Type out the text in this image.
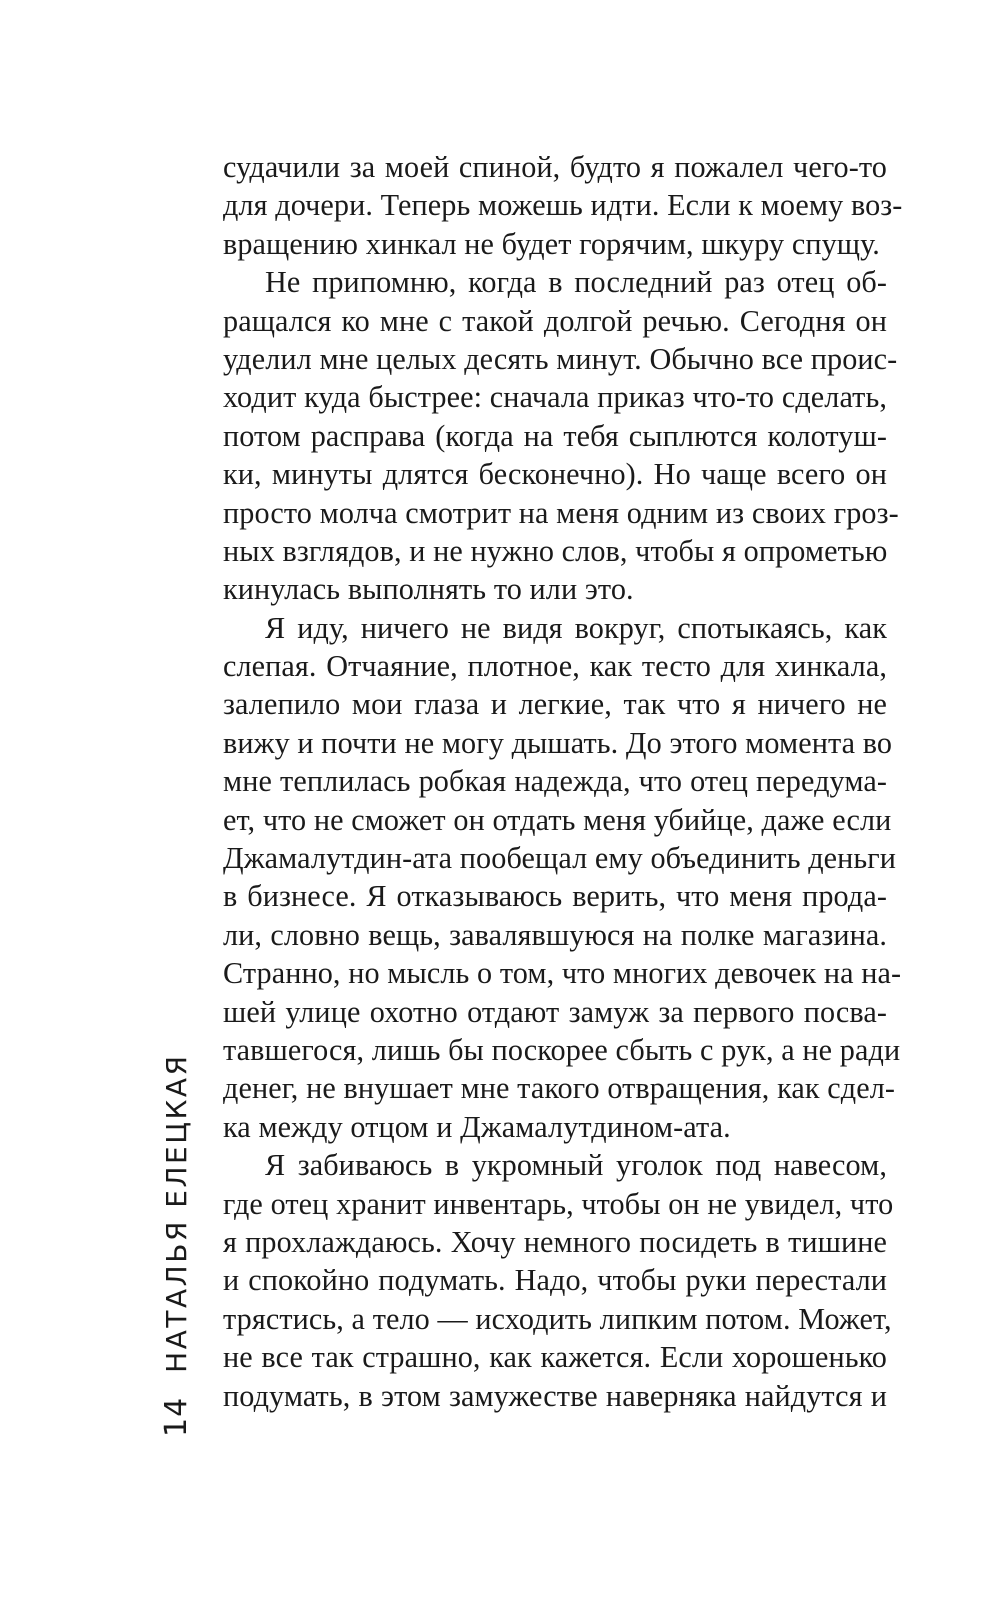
14
НАТАЛЬЯ ЕЛЕЦКАЯ
судачили за моей спиной, будто я пожалел чего-то
для дочери. Теперь можешь идти. Если к моему воз-
вращению хинкал не будет горячим, шкуру спущу.
Не припомню, когда в последний раз отец об-
ращался ко мне с такой долгой речью. Сегодня он
уделил мне целых десять минут. Обычно все проис-
ходит куда быстрее: сначала приказ что-то сделать,
потом расправа (когда на тебя сыплются колотуш-
ки, минуты длятся бесконечно). Но чаще всего он
просто молча смотрит на меня одним из своих гроз-
ных взглядов, и не нужно слов, чтобы я опрометью
кинулась выполнять то или это.
Я иду, ничего не видя вокруг, спотыкаясь, как
слепая. Отчаяние, плотное, как тесто для хинкала,
залепило мои глаза и легкие, так что я ничего не
вижу и почти не могу дышать. До этого момента во
мне теплилась робкая надежда, что отец передума-
ет, что не сможет он отдать меня убийце, даже если
Джамалутдин-ата пообещал ему объединить деньги
в бизнесе. Я отказываюсь верить, что меня прода-
ли, словно вещь, завалявшуюся на полке магазина.
Странно, но мысль о том, что многих девочек на на-
шей улице охотно отдают замуж за первого посва-
тавшегося, лишь бы поскорее сбыть с рук, а не ради
денег, не внушает мне такого отвращения, как сдел-
ка между отцом и Джамалутдином-ата.
Я забиваюсь в укромный уголок под навесом,
где отец хранит инвентарь, чтобы он не увидел, что
я прохлаждаюсь. Хочу немного посидеть в тишине
и спокойно подумать. Надо, чтобы руки перестали
трястись, а тело — исходить липким потом. Может,
не все так страшно, как кажется. Если хорошенько
подумать, в этом замужестве наверняка найдутся и
